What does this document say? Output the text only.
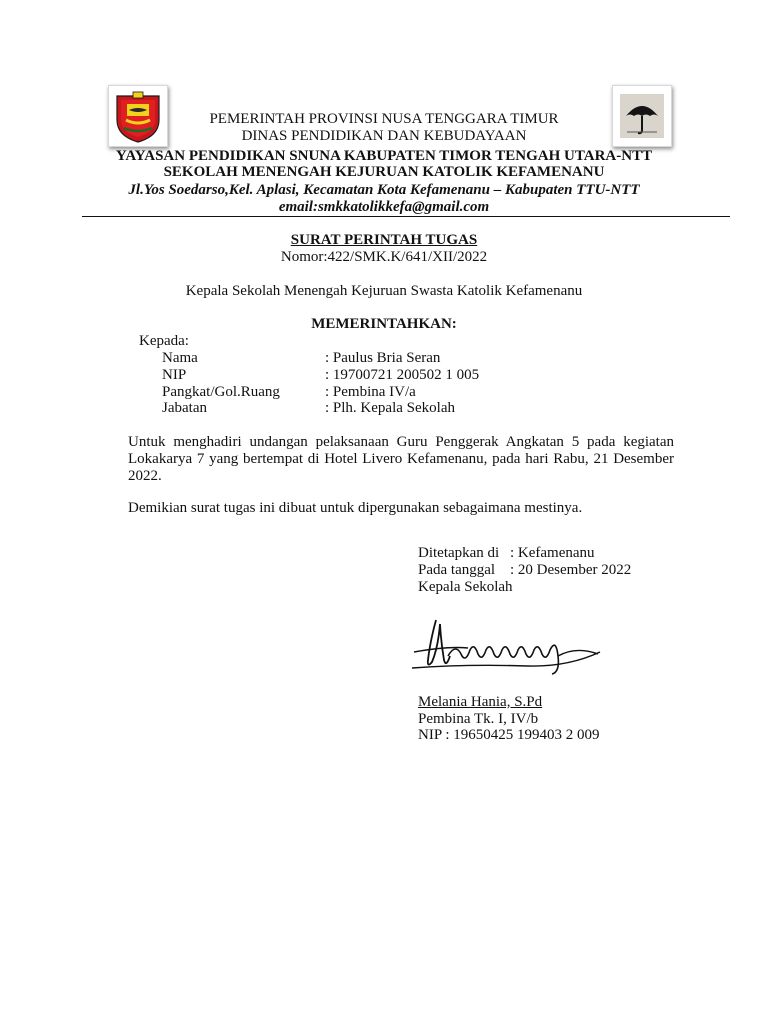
PEMERINTAH PROVINSI NUSA TENGGARA TIMUR
DINAS PENDIDIKAN DAN KEBUDAYAAN
YAYASAN PENDIDIKAN SNUNA KABUPATEN TIMOR TENGAH UTARA-NTT
SEKOLAH MENENGAH KEJURUAN KATOLIK KEFAMENANU
Jl.Yos Soedarso,Kel. Aplasi, Kecamatan Kota Kefamenanu – Kabupaten TTU-NTT
email:smkkatolikkefa@gmail.com
SURAT PERINTAH TUGAS
Nomor:422/SMK.K/641/XII/2022
Kepala Sekolah Menengah Kejuruan Swasta Katolik Kefamenanu
MEMERINTAHKAN:
Kepada:
Nama	: Paulus Bria Seran
NIP	: 19700721 200502 1 005
Pangkat/Gol.Ruang	: Pembina IV/a
Jabatan	: Plh. Kepala Sekolah
Untuk menghadiri undangan pelaksanaan Guru Penggerak Angkatan 5 pada kegiatan Lokakarya 7 yang bertempat di Hotel Livero Kefamenanu, pada hari Rabu, 21 Desember 2022.
Demikian surat tugas ini dibuat untuk dipergunakan sebagaimana mestinya.
Ditetapkan di : Kefamenanu
Pada tanggal : 20 Desember 2022
Kepala Sekolah
Melania Hania, S.Pd
Pembina Tk. I, IV/b
NIP : 19650425 199403 2 009
